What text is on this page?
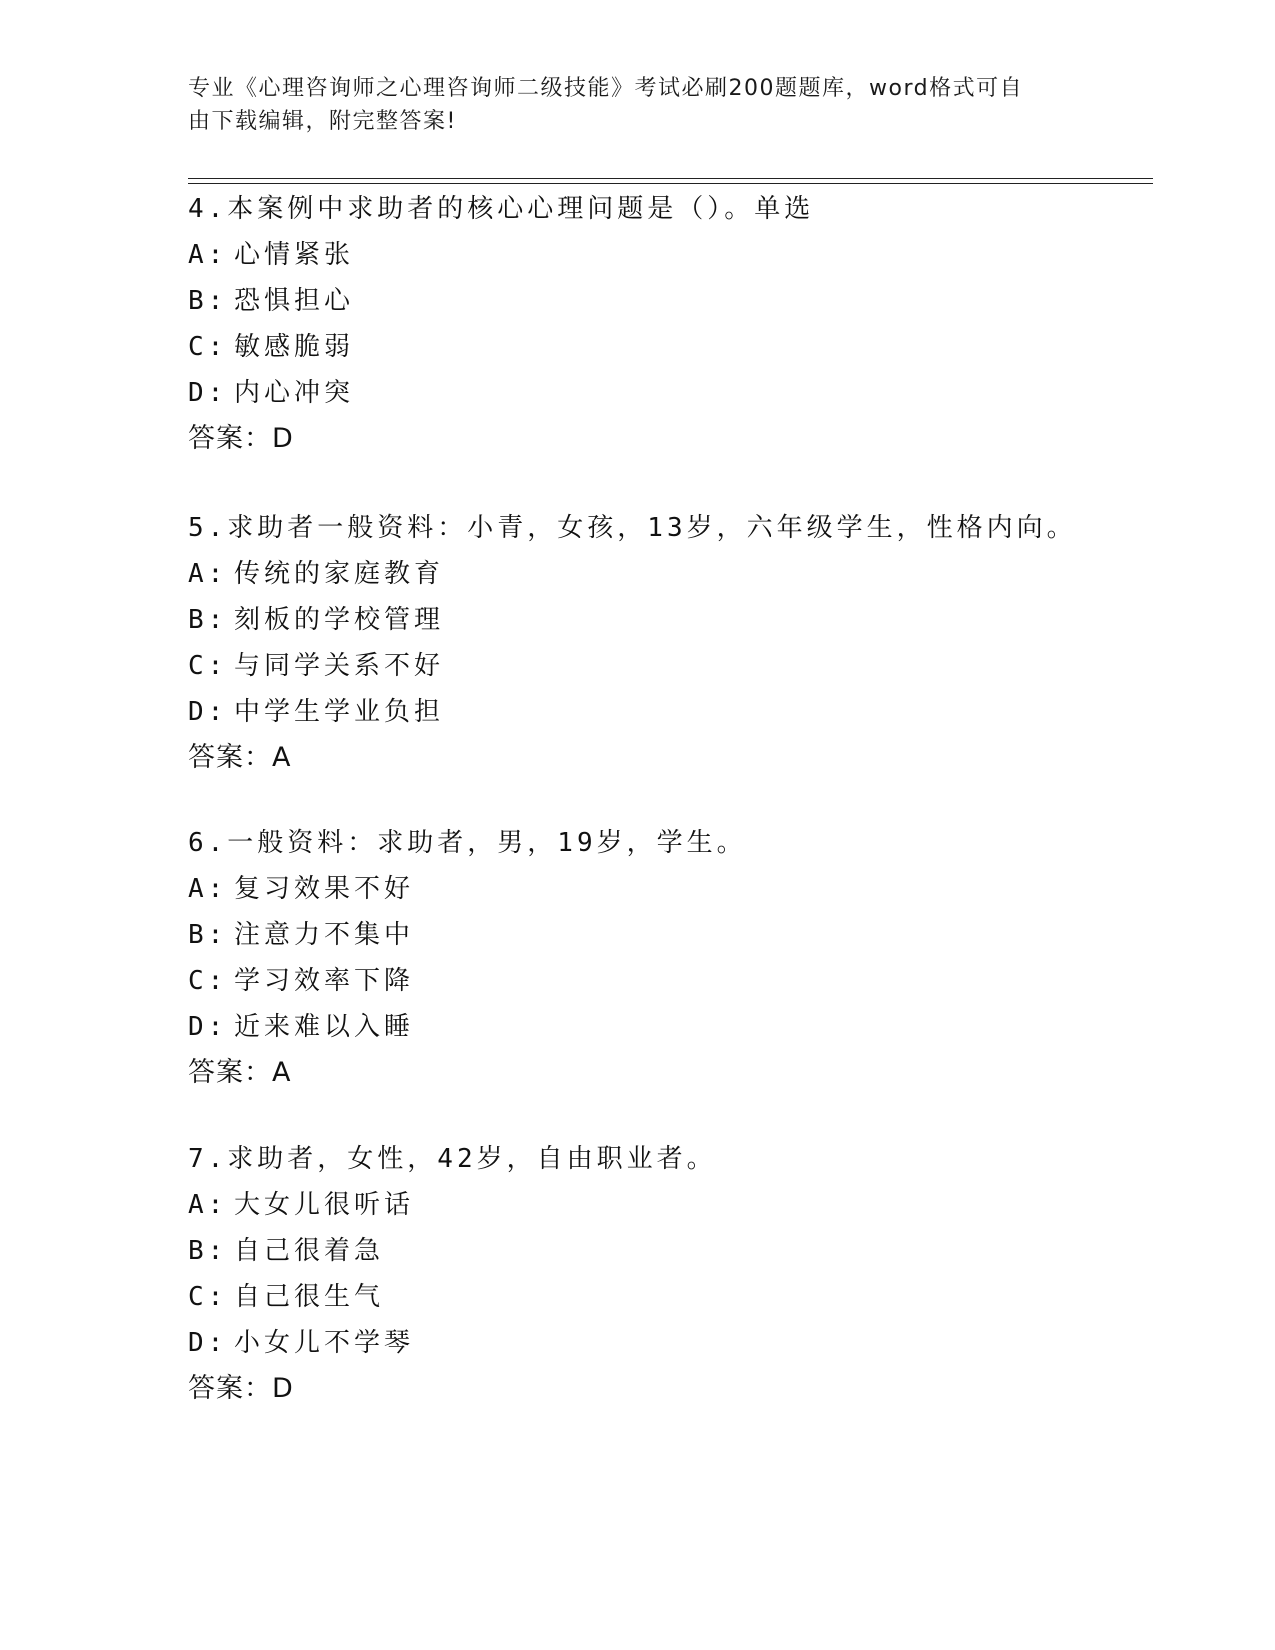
专业《心理咨询师之心理咨询师二级技能》考试必刷200题题库，word格式可自
由下载编辑，附完整答案!
4.本案例中求助者的核心心理问题是（）。单选
A: 心情紧张
B: 恐惧担心
C: 敏感脆弱
D: 内心冲突
答案：D
5.求助者一般资料：小青，女孩，13岁，六年级学生，性格内向。
A: 传统的家庭教育
B: 刻板的学校管理
C: 与同学关系不好
D: 中学生学业负担
答案：A
6.一般资料：求助者，男，19岁，学生。
A: 复习效果不好
B: 注意力不集中
C: 学习效率下降
D: 近来难以入睡
答案：A
7.求助者，女性，42岁，自由职业者。
A: 大女儿很听话
B: 自己很着急
C: 自己很生气
D: 小女儿不学琴
答案：D
